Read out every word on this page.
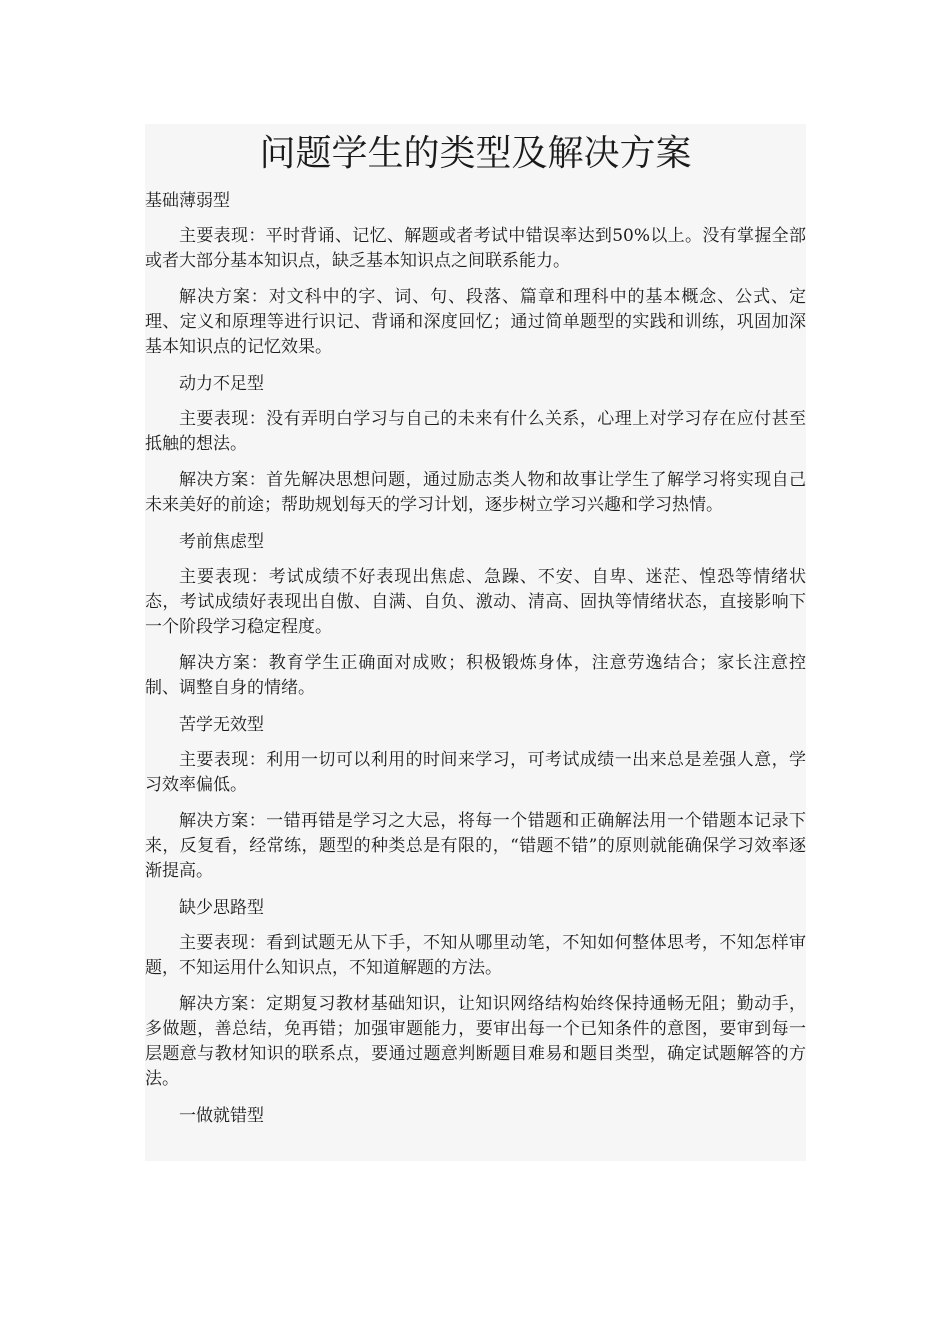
问题学生的类型及解决方案

基础薄弱型

主要表现：平时背诵、记忆、解题或者考试中错误率达到50%以上。没有掌握全部或者大部分基本知识点，缺乏基本知识点之间联系能力。

解决方案：对文科中的字、词、句、段落、篇章和理科中的基本概念、公式、定理、定义和原理等进行识记、背诵和深度回忆；通过简单题型的实践和训练，巩固加深基本知识点的记忆效果。

动力不足型

主要表现：没有弄明白学习与自己的未来有什么关系，心理上对学习存在应付甚至抵触的想法。

解决方案：首先解决思想问题，通过励志类人物和故事让学生了解学习将实现自己未来美好的前途；帮助规划每天的学习计划，逐步树立学习兴趣和学习热情。

考前焦虑型

主要表现：考试成绩不好表现出焦虑、急躁、不安、自卑、迷茫、惶恐等情绪状态，考试成绩好表现出自傲、自满、自负、激动、清高、固执等情绪状态，直接影响下一个阶段学习稳定程度。

解决方案：教育学生正确面对成败；积极锻炼身体，注意劳逸结合；家长注意控制、调整自身的情绪。

苦学无效型

主要表现：利用一切可以利用的时间来学习，可考试成绩一出来总是差强人意，学习效率偏低。

解决方案：一错再错是学习之大忌，将每一个错题和正确解法用一个错题本记录下来，反复看，经常练，题型的种类总是有限的，“错题不错”的原则就能确保学习效率逐渐提高。

缺少思路型

主要表现：看到试题无从下手，不知从哪里动笔，不知如何整体思考，不知怎样审题，不知运用什么知识点，不知道解题的方法。

解决方案：定期复习教材基础知识，让知识网络结构始终保持通畅无阻；勤动手，多做题，善总结，免再错；加强审题能力，要审出每一个已知条件的意图，要审到每一层题意与教材知识的联系点，要通过题意判断题目难易和题目类型，确定试题解答的方法。

一做就错型
